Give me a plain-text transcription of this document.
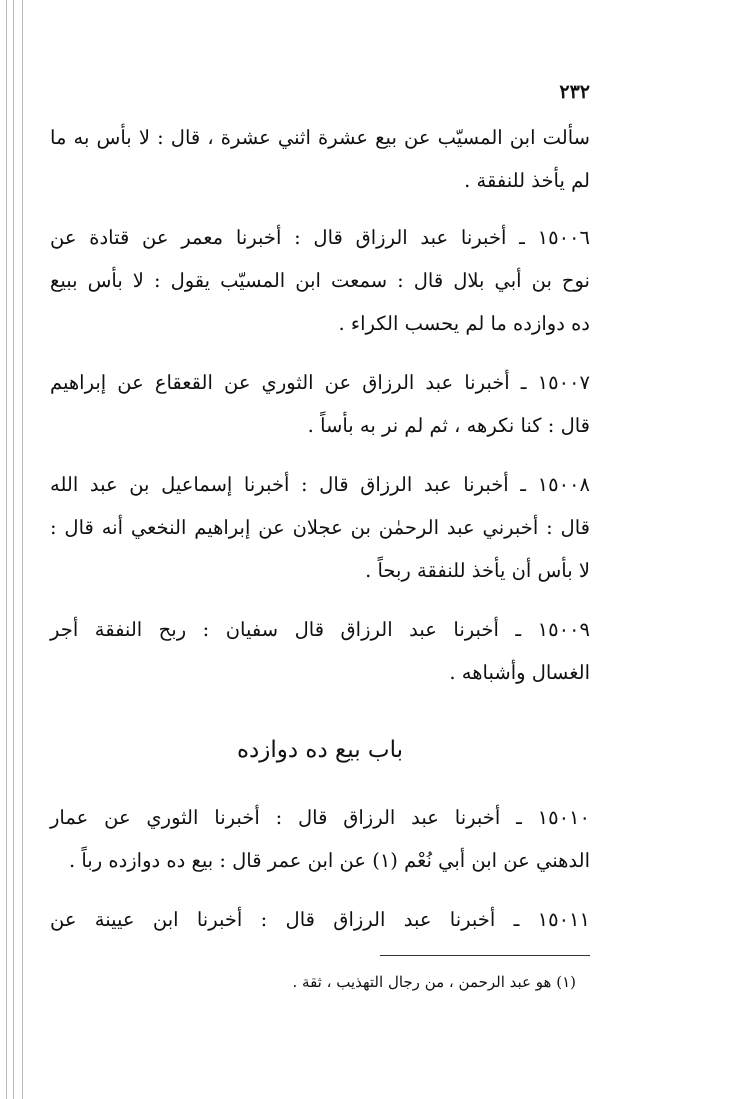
٢٣٢
سألت ابن المسيّب عن بيع عشرة اثني عشرة ، قال : لا بأس به ما
لم يأخذ للنفقة .
١٥٠٠٦ ـ أخبرنا عبد الرزاق قال : أخبرنا معمر عن قتادة عن
نوح بن أبي بلال قال : سمعت ابن المسيّب يقول : لا بأس ببيع
ده دوازده ما لم يحسب الكراء .
١٥٠٠٧ ـ أخبرنا عبد الرزاق عن الثوري عن القعقاع عن إبراهيم
قال : كنا نكرهه ، ثم لم نر به بأساً .
١٥٠٠٨ ـ أخبرنا عبد الرزاق قال : أخبرنا إسماعيل بن عبد الله
قال : أخبرني عبد الرحمٰن بن عجلان عن إبراهيم النخعي أنه قال :
لا بأس أن يأخذ للنفقة ربحاً .
١٥٠٠٩ ـ أخبرنا عبد الرزاق قال سفيان : ربح النفقة أجر
الغسال وأشباهه .
باب بيع ده دوازده
١٥٠١٠ ـ أخبرنا عبد الرزاق قال : أخبرنا الثوري عن عمار
الدهني عن ابن أبي نُعْم (١) عن ابن عمر قال : بيع ده دوازده رباً .
١٥٠١١ ـ أخبرنا عبد الرزاق قال : أخبرنا ابن عيينة عن
(١) هو عبد الرحمن ، من رجال التهذيب ، ثقة .
